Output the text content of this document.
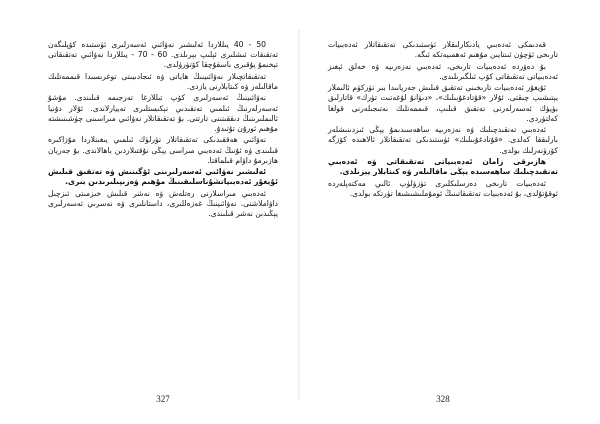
50 - 40 يىللاردا ئەلىشىر نەۋائىي ئەسەرلىرى ئۈستىدە كۆپلىگەن تەتقىقات ئىشلىرى ئېلىپ بېرىلدى. 60 - 70 - يىللاردا نەۋائىي تەتقىقاتى تېخىمۇ يۇقىرى باسقۇچقا كۆتۈرۈلدى.

تەتقىقاتچىلار نەۋائىينىڭ ھاياتى ۋە ئىجادىيىتى توغرىسىدا قىممەتلىك ماقالىلەر ۋە كىتابلارنى يازدى.

نەۋائىينىڭ ئەسەرلىرى كۆپ تىللارغا تەرجىمە قىلىندى. مۇشۇ ئەسەرلەرنىڭ ئىلمىي تەنقىدىي تېكىستلىرى تەييارلاندى. ئۇلار دۇنيا ئالىملىرىنىڭ دىققىتىنى تارتتى. بۇ تەتقىقاتلار نەۋائىي مىراسىنى چۈشىنىشتە مۇھىم ئورۇن تۇتىدۇ.

نەۋائىي ھەققىدىكى تەتقىقاتلار تۈرلۈك ئىلمىي يىغىنلاردا مۇزاكىرە قىلىندى ۋە ئۇنىڭ ئەدەبىي مىراسى يېڭى نۇقتىلاردىن باھالاندى. بۇ جەريان ھازىرمۇ داۋام قىلماقتا.

ئەلىشىر نەۋائىي ئەسەرلىرىنى ئۆگىنىش ۋە تەتقىق قىلىش ئۇيغۇر ئەدەبىياتشۇناسلىقىنىڭ مۇھىم ۋەزىپىلىرىدىن بىرى.

ئەدەبىي مىراسلارنى رەتلەش ۋە نەشر قىلىش خىزمىتى ئىزچىل داۋاملاشتى. نەۋائىينىڭ غەزەللىرى، داستانلىرى ۋە نەسرىي ئەسەرلىرى يېڭىدىن نەشر قىلىندى.

327

قەدىمكى ئەدەبىي يادىكارلىقلار ئۈستىدىكى تەتقىقاتلار ئەدەبىيات تارىخى ئۈچۈن ئىنتايىن مۇھىم ئەھمىيەتكە ئىگە.

بۇ دەۋردە ئەدەبىيات تارىخى، ئەدەبىي نەزەرىيە ۋە خەلق ئېغىز ئەدەبىياتى تەتقىقاتى كۆپ ئىلگىرىلىدى.

ئۇيغۇر ئەدەبىيات تارىخىنى تەتقىق قىلىش جەريانىدا بىر تۈركۈم ئالىملار يېتىشىپ چىقتى. ئۇلار «قۇتادغۇبىلىك»، «دىۋانۇ لۇغەتىت تۈرك» قاتارلىق بۈيۈك ئەسەرلەرنى تەتقىق قىلىپ، قىممەتلىك نەتىجىلەرنى قولغا كەلتۈردى.

ئەدەبىي تەنقىدچىلىك ۋە نەزەرىيە ساھەسىدىمۇ يېڭى ئىزدىنىشلەر بارلىققا كەلدى. «قۇتادغۇبىلىك» ئۈستىدىكى تەتقىقاتلار ئالاھىدە كۆزگە كۆرۈنەرلىك بولدى.

ھازىرقى زامان ئەدەبىياتى تەتقىقاتى ۋە ئەدەبىي تەنقىدچىلىك ساھەسىدە يېڭى ماقالىلەر ۋە كىتابلار يېزىلدى.

ئەدەبىيات تارىخى دەرسلىكلىرى تۈزۈلۈپ ئالىي مەكتەپلەردە ئوقۇتۇلدى، بۇ ئەدەبىيات تەتقىقاتىنىڭ ئومۇملىشىشىغا تۈرتكە بولدى.

328
